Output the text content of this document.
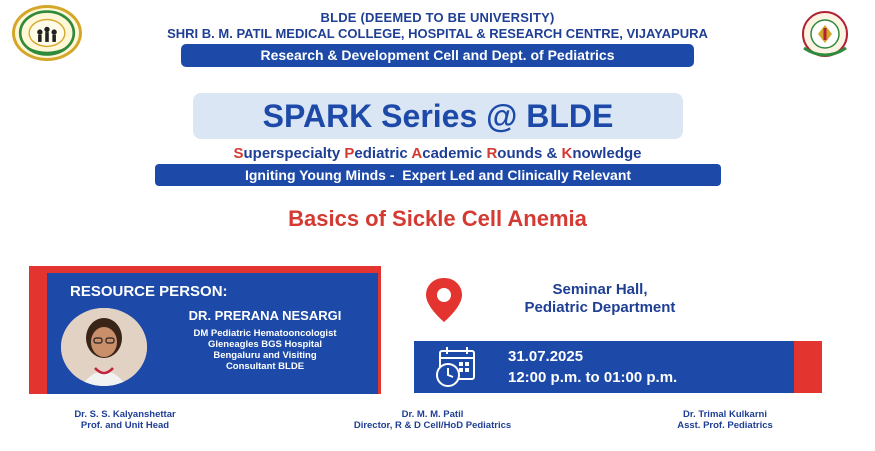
BLDE (DEEMED TO BE UNIVERSITY)
SHRI B. M. PATIL MEDICAL COLLEGE, HOSPITAL & RESEARCH CENTRE, VIJAYAPURA
Research & Development Cell and Dept. of Pediatrics
SPARK Series @ BLDE
Superspecialty Pediatric Academic Rounds & Knowledge
Igniting Young Minds -  Expert Led and Clinically Relevant
Basics of Sickle Cell Anemia
RESOURCE PERSON:
DR. PRERANA NESARGI
DM Pediatric Hematooncologist
Gleneagles BGS Hospital
Bengaluru and Visiting
Consultant BLDE
Seminar Hall,
Pediatric Department
31.07.2025
12:00 p.m. to 01:00 p.m.
Dr. S. S. Kalyanshettar
Prof. and Unit Head
Dr. M. M. Patil
Director, R & D Cell/HoD Pediatrics
Dr. Trimal Kulkarni
Asst. Prof. Pediatrics
